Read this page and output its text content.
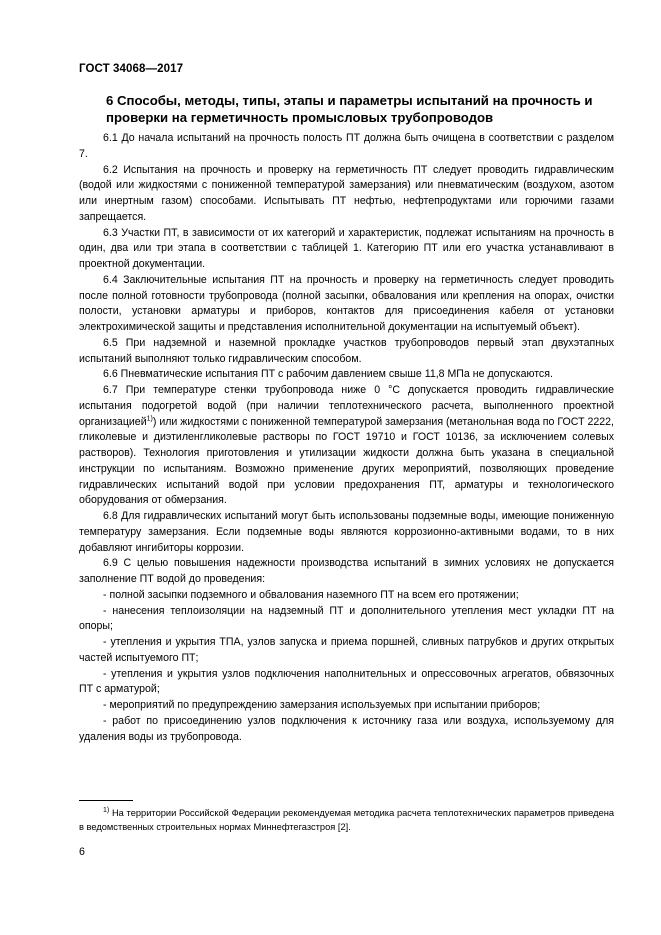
ГОСТ 34068—2017
6 Способы, методы, типы, этапы и параметры испытаний на прочность и проверки на герметичность промысловых трубопроводов

6.1 До начала испытаний на прочность полость ПТ должна быть очищена в соответствии с разделом 7.

6.2 Испытания на прочность и проверку на герметичность ПТ следует проводить гидравлическим (водой или жидкостями с пониженной температурой замерзания) или пневматическим (воздухом, азотом или инертным газом) способами. Испытывать ПТ нефтью, нефтепродуктами или горючими газами запрещается.

6.3 Участки ПТ, в зависимости от их категорий и характеристик, подлежат испытаниям на прочность в один, два или три этапа в соответствии с таблицей 1. Категорию ПТ или его участка устанавливают в проектной документации.

6.4 Заключительные испытания ПТ на прочность и проверку на герметичность следует проводить после полной готовности трубопровода (полной засыпки, обвалования или крепления на опорах, очистки полости, установки арматуры и приборов, контактов для присоединения кабеля от установки электрохимической защиты и представления исполнительной документации на испытуемый объект).

6.5 При надземной и наземной прокладке участков трубопроводов первый этап двухэтапных испытаний выполняют только гидравлическим способом.

6.6 Пневматические испытания ПТ с рабочим давлением свыше 11,8 МПа не допускаются.

6.7 При температуре стенки трубопровода ниже 0 °С допускается проводить гидравлические испытания подогретой водой (при наличии теплотехнического расчета, выполненного проектной организацией$^{1)}$) или жидкостями с пониженной температурой замерзания (метанольная вода по ГОСТ 2222, гликолевые и диэтиленгликолевые растворы по ГОСТ 19710 и ГОСТ 10136, за исключением солевых растворов). Технология приготовления и утилизации жидкости должна быть указана в специальной инструкции по испытаниям. Возможно применение других мероприятий, позволяющих проведение гидравлических испытаний водой при условии предохранения ПТ, арматуры и технологического оборудования от обмерзания.

6.8 Для гидравлических испытаний могут быть использованы подземные воды, имеющие пониженную температуру замерзания. Если подземные воды являются коррозионно-активными водами, то в них добавляют ингибиторы коррозии.

6.9 С целью повышения надежности производства испытаний в зимних условиях не допускается заполнение ПТ водой до проведения:

- полной засыпки подземного и обвалования наземного ПТ на всем его протяжении;

- нанесения теплоизоляции на надземный ПТ и дополнительного утепления мест укладки ПТ на опоры;

- утепления и укрытия ТПА, узлов запуска и приема поршней, сливных патрубков и других открытых частей испытуемого ПТ;

- утепления и укрытия узлов подключения наполнительных и опрессовочных агрегатов, обвязочных ПТ с арматурой;

- мероприятий по предупреждению замерзания используемых при испытании приборов;

- работ по присоединению узлов подключения к источнику газа или воздуха, используемому для удаления воды из трубопровода.

$^{1)}$ На территории Российской Федерации рекомендуемая методика расчета теплотехнических параметров приведена в ведомственных строительных нормах Миннефтегазстроя [2].
6
